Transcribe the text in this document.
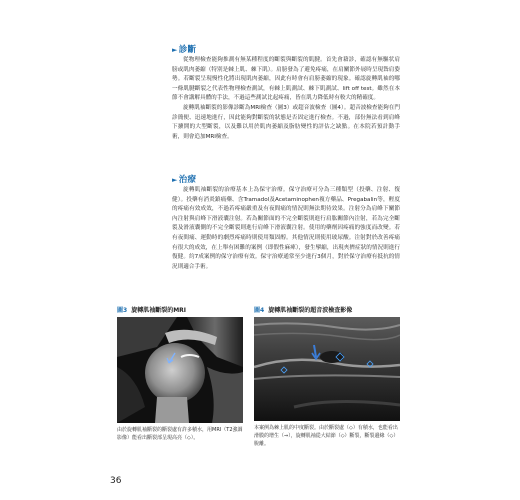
►診斷

從物理檢查能夠推測有無某種程度的斷裂與斷裂的肌腱。首先會藉診，確認有無驅状肩膀或肌肉萎縮（特別是棘上肌、棘下肌）。肩膀發為了避免疼痛，在肩關節外展時呈現聳肩姿勢。若斷裂呈現慢性化將出現肌肉萎縮，因此有時會有肩膀萎縮的現象。確認旋轉肌袖的哪一條肌腱斷裂之代表性物理檢查測試，有棘上肌測試、棘下肌測試、lift off test。雖然在本節不會講解具體的手法，不過這些測試比起疼痛，皆在肌力降低時有較大的精確度。

旋轉肌袖斷裂的影像診斷為MRI檢查（圖3）或超音波檢查（圖4）。超音波檢查能夠在門診簡便、迅速地進行，因此能夠對斷裂的狀態是否固定進行檢查。不過，部份無法看到肩峰下擴開的大型斷裂，以及難以用於肌肉萎縮及脂肪變性的評估之缺點。在本院若預計動手術，則會追加MRI檢查。

►治療

旋轉肌袖斷裂的治療基本上為保守治療。保守治療可分為三種類型（投藥、注射、復健）。投藥有消炎鎮痛藥、含Tramadol及Acetaminophen複方藥品、Pregabalin等，輕度的疼痛有效成效，不過若疼痛嚴重及有夜間痛的情況則無法期待效果。注射分為肩峰下關節內注射與肩峰下滑液囊注射。若為關節面的不完全斷裂則進行肩肱關節內注射，若為完全斷裂及滑液囊側的不完全斷裂則進行肩峰下滑液囊注射。使用的藥劑因疼痛的強度而改變。若有夜間痛、運動時的劇烈疼痛時則使用類固醇。其他情況則使用玻尿酸。注射對於改善疼痛有很大的成效，在上舉有困難的案例（即假性麻痺），發生攣縮，出現夾擠症狀的情況則進行復健。約7成案例的保守治療有效。保守治療通常至少進行3個月，對於保守治療有抵抗的情況則適合手術。

圖3 旋轉肌袖斷裂的MRI
由於旋轉肌袖斷裂的斷裂處有許多積水，用MRI（T2強調影像）能看出斷裂部呈現高亮（◇）。
圖4 旋轉肌袖斷裂的超音波檢查影像
本案例為棘上肌的中度斷裂。由於斷裂處（◇）有積水，也能看出滑膜的增生（⇒），旋轉肌袖從大結節（◇）斷裂，斷裂邊緣（◇）脫離。
36
